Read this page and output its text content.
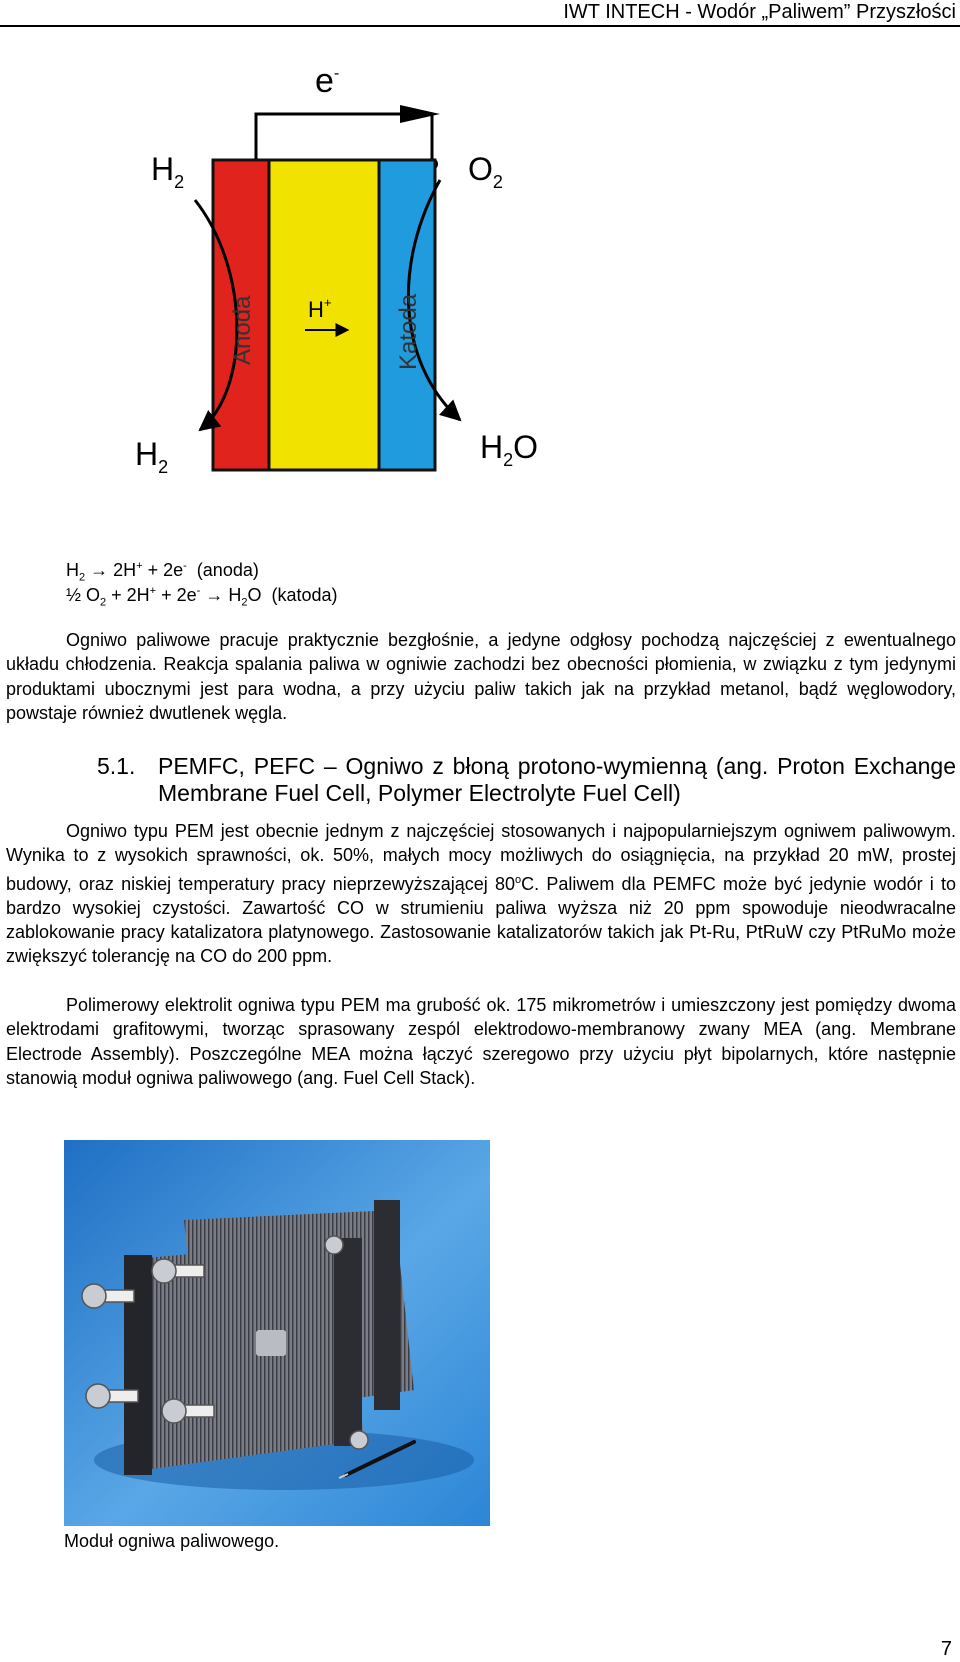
IWT INTECH - Wodór „Paliwem” Przyszłości
e-
H+
Anoda	Katoda
$H_2$	$O_2$
$H_2$
$H_2O$
$H_2 \to 2H^+ + 2e^-$  (anoda)
½ $O_2 + 2H^+ + 2e^- \to H_2O$  (katoda)

Ogniwo paliwowe pracuje praktycznie bezgłośnie, a jedyne odgłosy pochodzą najczęściej z ewentualnego układu chłodzenia. Reakcja spalania paliwa w ogniwie zachodzi bez obecności płomienia, w związku z tym jedynymi produktami ubocznymi jest para wodna, a przy użyciu paliw takich jak na przykład metanol, bądź węglowodory, powstaje również dwutlenek węgla.

5.1. PEMFC, PEFC – Ogniwo z błoną protono-wymienną (ang. Proton Exchange Membrane Fuel Cell, Polymer Electrolyte Fuel Cell)

Ogniwo typu PEM jest obecnie jednym z najczęściej stosowanych i najpopularniejszym ogniwem paliwowym. Wynika to z wysokich sprawności, ok. 50%, małych mocy możliwych do osiągnięcia, na przykład 20 mW, prostej budowy, oraz niskiej temperatury pracy nieprzewyższającej 80$^o$C. Paliwem dla PEMFC może być jedynie wodór i to bardzo wysokiej czystości. Zawartość CO w strumieniu paliwa wyższa niż 20 ppm spowoduje nieodwracalne zablokowanie pracy katalizatora platynowego. Zastosowanie katalizatorów takich jak Pt-Ru, PtRuW czy PtRuMo może zwiększyć tolerancję na CO do 200 ppm.

Polimerowy elektrolit ogniwa typu PEM ma grubość ok. 175 mikrometrów i umieszczony jest pomiędzy dwoma elektrodami grafitowymi, tworząc sprasowany zespól elektrodowo-membranowy zwany MEA (ang. Membrane Electrode Assembly). Poszczególne MEA można łączyć szeregowo przy użyciu płyt bipolarnych, które następnie stanowią moduł ogniwa paliwowego (ang. Fuel Cell Stack).

Moduł ogniwa paliwowego.
7
